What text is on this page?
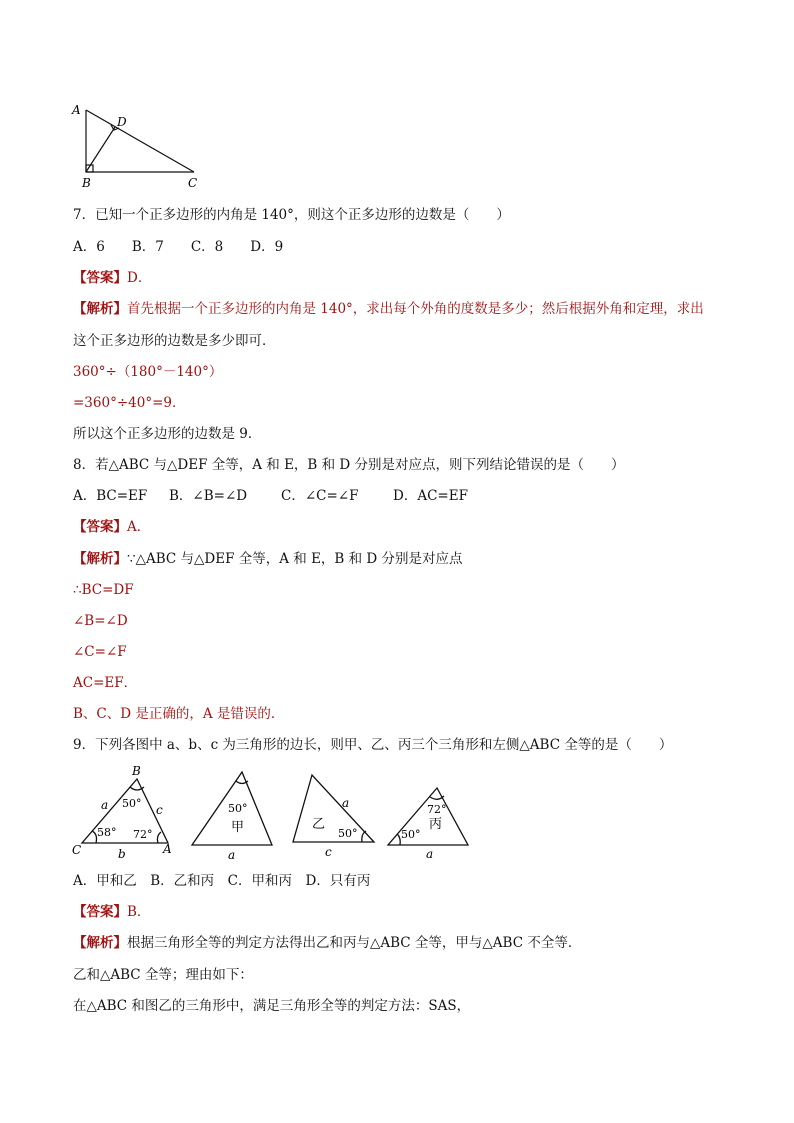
A
B	C
D
7．已知一个正多边形的内角是 140°，则这个正多边形的边数是（　　）
A．6　　B．7　　C．8　　D．9
【答案】D．
【解析】首先根据一个正多边形的内角是 140°，求出每个外角的度数是多少；然后根据外角和定理，求出
这个正多边形的边数是多少即可．
360°÷（180°－140°）
=360°÷40°=9．
所以这个正多边形的边数是 9．
8．若△ABC 与△DEF 全等，A 和 E，B 和 D 分别是对应点，则下列结论错误的是（　　）
A．BC=EF B．∠B=∠D	C．∠C=∠F	D．AC=EF
【答案】A．
【解析】∵△ABC 与△DEF 全等，A 和 E，B 和 D 分别是对应点
∴BC=DF
∠B=∠D
∠C=∠F
AC=EF．
B、C、D 是正确的，A 是错误的．
9．下列各图中 a、b、c 为三角形的边长，则甲、乙、丙三个三角形和左侧△ABC 全等的是（　　）
B
C	A
a	c
b
50°
58° 72°
50°
甲
a
a
乙
50°
c
72°
丙
50°
a
A．甲和乙　B．乙和丙　C．甲和丙　D．只有丙
【答案】B．
【解析】根据三角形全等的判定方法得出乙和丙与△ABC 全等，甲与△ABC 不全等．
乙和△ABC 全等；理由如下：
在△ABC 和图乙的三角形中，满足三角形全等的判定方法：SAS，
